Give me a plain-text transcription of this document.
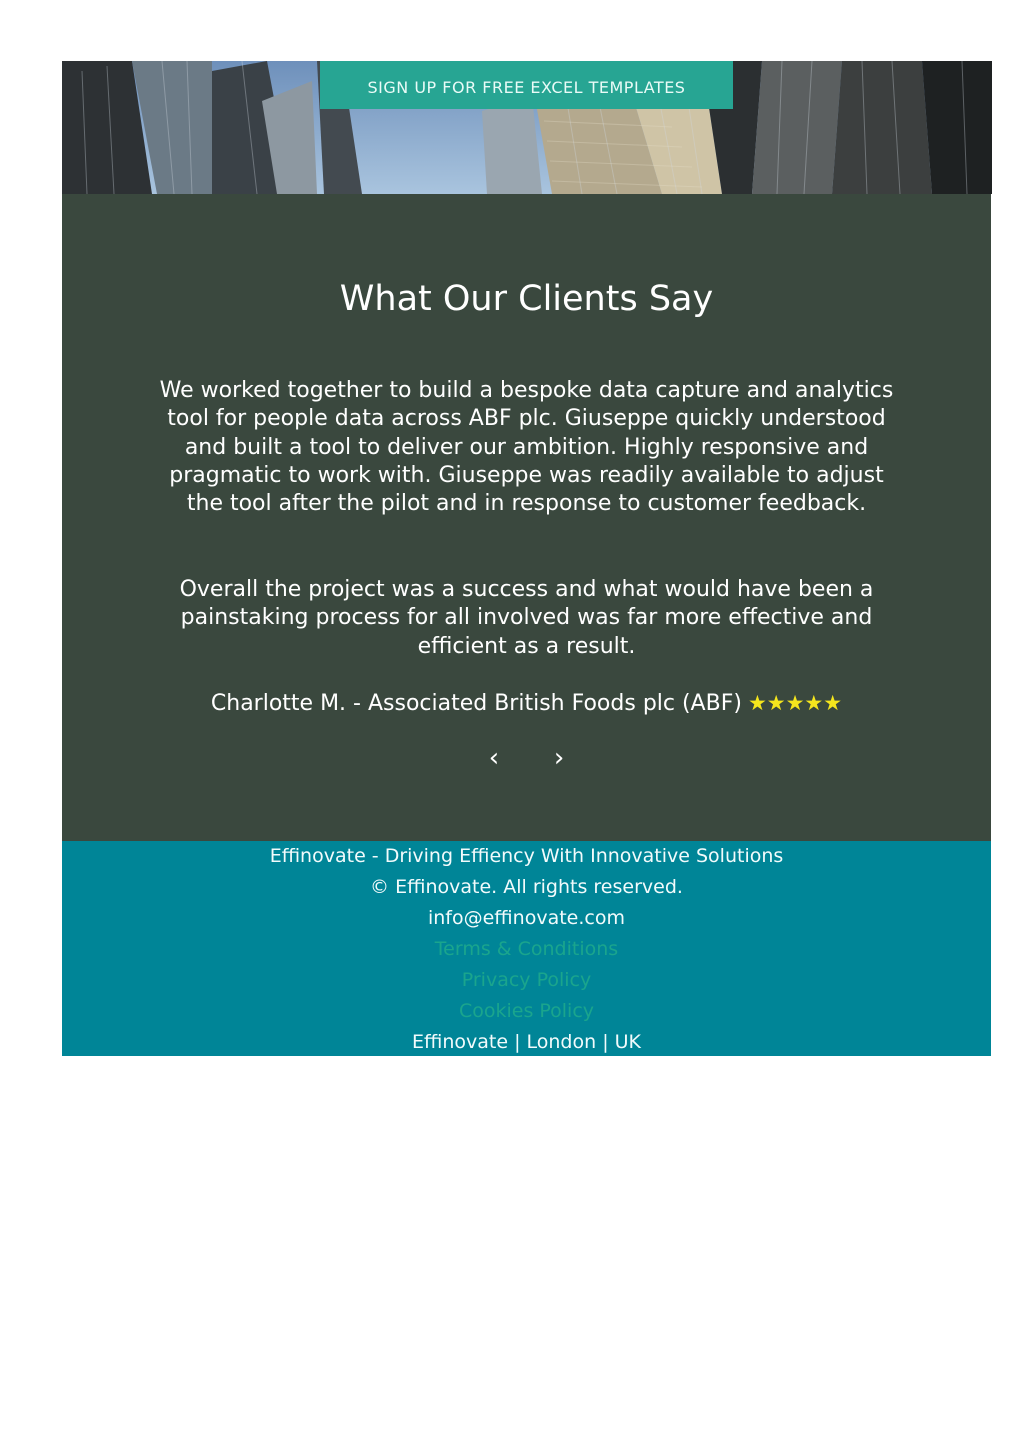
SIGN UP FOR FREE EXCEL TEMPLATES
What Our Clients Say

We worked together to build a bespoke data capture and analytics tool for people data across ABF plc. Giuseppe quickly understood and built a tool to deliver our ambition. Highly responsive and pragmatic to work with. Giuseppe was readily available to adjust the tool after the pilot and in response to customer feedback.

Overall the project was a success and what would have been a painstaking process for all involved was far more effective and efficient as a result.

Charlotte M. - Associated British Foods plc (ABF) ★★★★★
‹ ›
Effinovate - Driving Effiency With Innovative Solutions
© Effinovate. All rights reserved.
info@effinovate.com
Terms & Conditions
Privacy Policy
Cookies Policy
Effinovate | London | UK
